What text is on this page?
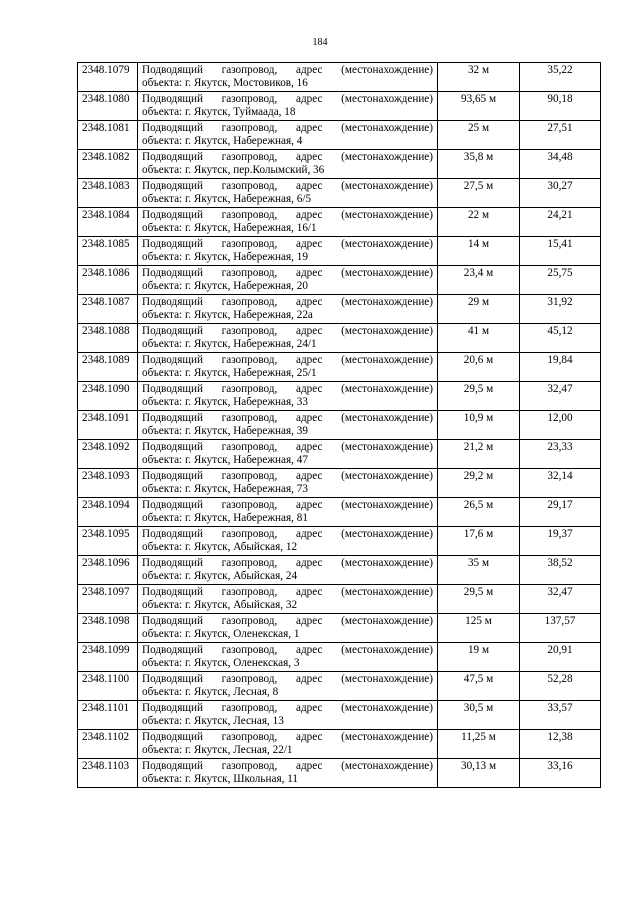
184
2348.1079	Подводящий газопровод, адрес (местонахождение)
объекта: г. Якутск, Мостовиков, 16	32 м	35,22
2348.1080	Подводящий газопровод, адрес (местонахождение)
объекта: г. Якутск, Туймаада, 18	93,65 м	90,18
2348.1081	Подводящий газопровод, адрес (местонахождение)
объекта: г. Якутск, Набережная, 4	25 м	27,51
2348.1082	Подводящий газопровод, адрес (местонахождение)
объекта: г. Якутск, пер.Колымский, 36	35,8 м	34,48
2348.1083	Подводящий газопровод, адрес (местонахождение)
объекта: г. Якутск, Набережная, 6/5	27,5 м	30,27
2348.1084	Подводящий газопровод, адрес (местонахождение)
объекта: г. Якутск, Набережная, 16/1	22 м	24,21
2348.1085	Подводящий газопровод, адрес (местонахождение)
объекта: г. Якутск, Набережная, 19	14 м	15,41
2348.1086	Подводящий газопровод, адрес (местонахождение)
объекта: г. Якутск, Набережная, 20	23,4 м	25,75
2348.1087	Подводящий газопровод, адрес (местонахождение)
объекта: г. Якутск, Набережная, 22а	29 м	31,92
2348.1088	Подводящий газопровод, адрес (местонахождение)
объекта: г. Якутск, Набережная, 24/1	41 м	45,12
2348.1089	Подводящий газопровод, адрес (местонахождение)
объекта: г. Якутск, Набережная, 25/1	20,6 м	19,84
2348.1090	Подводящий газопровод, адрес (местонахождение)
объекта: г. Якутск, Набережная, 33	29,5 м	32,47
2348.1091	Подводящий газопровод, адрес (местонахождение)
объекта: г. Якутск, Набережная, 39	10,9 м	12,00
2348.1092	Подводящий газопровод, адрес (местонахождение)
объекта: г. Якутск, Набережная, 47	21,2 м	23,33
2348.1093	Подводящий газопровод, адрес (местонахождение)
объекта: г. Якутск, Набережная, 73	29,2 м	32,14
2348.1094	Подводящий газопровод, адрес (местонахождение)
объекта: г. Якутск, Набережная, 81	26,5 м	29,17
2348.1095	Подводящий газопровод, адрес (местонахождение)
объекта: г. Якутск, Абыйская, 12	17,6 м	19,37
2348.1096	Подводящий газопровод, адрес (местонахождение)
объекта: г. Якутск, Абыйская, 24	35 м	38,52
2348.1097	Подводящий газопровод, адрес (местонахождение)
объекта: г. Якутск, Абыйская, 32	29,5 м	32,47
2348.1098	Подводящий газопровод, адрес (местонахождение)
объекта: г. Якутск, Оленекская, 1	125 м	137,57
2348.1099	Подводящий газопровод, адрес (местонахождение)
объекта: г. Якутск, Оленекская, 3	19 м	20,91
2348.1100	Подводящий газопровод, адрес (местонахождение)
объекта: г. Якутск, Лесная, 8	47,5 м	52,28
2348.1101	Подводящий газопровод, адрес (местонахождение)
объекта: г. Якутск, Лесная, 13	30,5 м	33,57
2348.1102	Подводящий газопровод, адрес (местонахождение)
объекта: г. Якутск, Лесная, 22/1	11,25 м	12,38
2348.1103	Подводящий газопровод, адрес (местонахождение)
объекта: г. Якутск, Школьная, 11	30,13 м	33,16
